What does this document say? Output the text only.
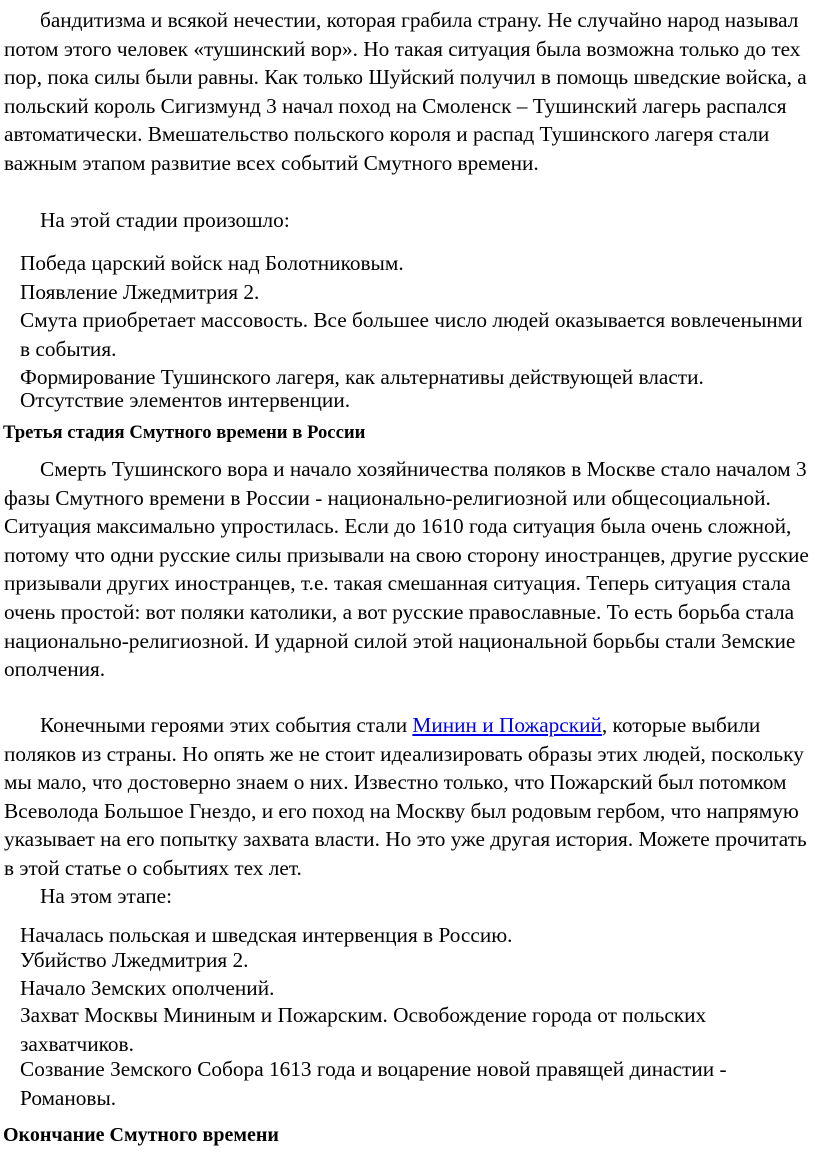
бандитизма и всякой нечестии, которая грабила страну. Не случайно народ называл потом этого человек «тушинский вор». Но такая ситуация была возможна только до тех пор, пока силы были равны. Как только Шуйский получил в помощь шведские войска, а польский король Сигизмунд 3 начал поход на Смоленск – Тушинский лагерь распался автоматически. Вмешательство польского короля и распад Тушинского лагеря стали важным этапом развитие всех событий Смутного времени.

На этой стадии произошло:

Победа царский войск над Болотниковым.

Появление Лжедмитрия 2.

Смута приобретает массовость. Все большее число людей оказывается вовлеченынми в события.

Формирование Тушинского лагеря, как альтернативы действующей власти.

Отсутствие элементов интервенции.

Третья стадия Смутного времени в России

Смерть Тушинского вора и начало хозяйничества поляков в Москве стало началом 3 фазы Смутного времени в России - национально-религиозной или общесоциальной. Ситуация максимально упростилась. Если до 1610 года ситуация была очень сложной, потому что одни русские силы призывали на свою сторону иностранцев, другие русские призывали других иностранцев, т.е. такая смешанная ситуация. Теперь ситуация стала очень простой: вот поляки католики, а вот русские православные. То есть борьба стала национально-религиозной. И ударной силой этой национальной борьбы стали Земские ополчения.

Конечными героями этих события стали Минин и Пожарский, которые выбили поляков из страны. Но опять же не стоит идеализировать образы этих людей, поскольку мы мало, что достоверно знаем о них. Известно только, что Пожарский был потомком Всеволода Большое Гнездо, и его поход на Москву был родовым гербом, что напрямую указывает на его попытку захвата власти. Но это уже другая история. Можете прочитать в этой статье о событиях тех лет.

На этом этапе:

Началась польская и шведская интервенция в Россию.

Убийство Лжедмитрия 2.

Начало Земских ополчений.

Захват Москвы Мининым и Пожарским. Освобождение города от польских захватчиков.

Созвание Земского Собора 1613 года и воцарение новой правящей династии - Романовы.

Окончание Смутного времени
